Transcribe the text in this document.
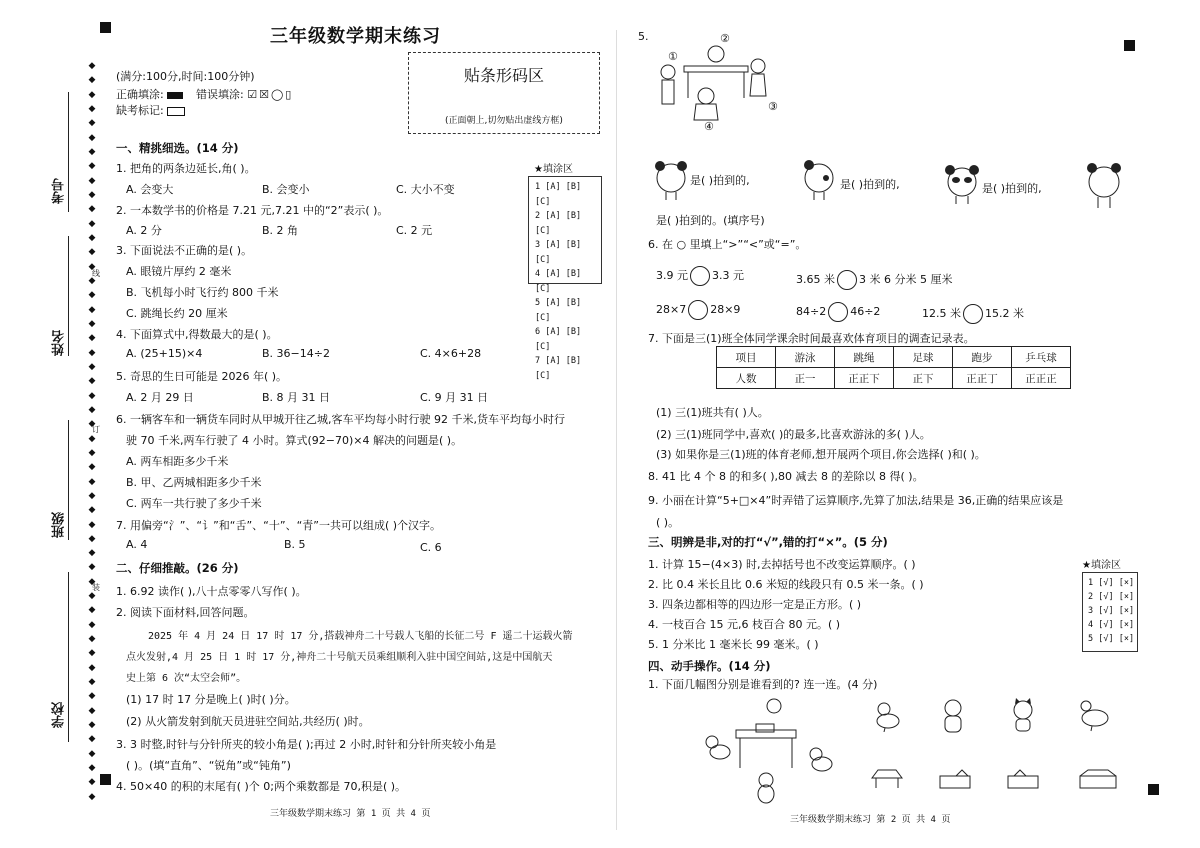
考号
姓名
班级
学校
线
订
装
◆
◆
◆
◆
◆
◆
◆
◆
◆
◆
◆
◆
◆
◆
◆
◆
◆
◆
◆
◆
◆
◆
◆
◆
◆
◆
◆
◆
◆
◆
◆
◆
◆
◆
◆
◆
◆
◆
◆
◆
◆
◆
◆
◆
◆
◆
◆
◆
◆
◆
◆
◆
三年级数学期末练习
(满分:100分,时间:100分钟)
正确填涂:	错误填涂: ☑☒◯▯
缺考标记:
贴条形码区
(正面朝上,切勿贴出虚线方框)
★填涂区
1 [A] [B] [C]
2 [A] [B] [C]
3 [A] [B] [C]
4 [A] [B] [C]
5 [A] [B] [C]
6 [A] [B] [C]
7 [A] [B] [C]
一、精挑细选。(14 分)
1. 把角的两条边延长,角( )。
A. 会变大	B. 会变小	C. 大小不变
2. 一本数学书的价格是 7.21 元,7.21 中的“2”表示( )。
A. 2 分	B. 2 角	C. 2 元
3. 下面说法不正确的是( )。
A. 眼镜片厚约 2 毫米
B. 飞机每小时飞行约 800 千米
C. 跳绳长约 20 厘米
4. 下面算式中,得数最大的是( )。
A. (25+15)×4	B. 36−14÷2	C. 4×6+28
5. 奇思的生日可能是 2026 年( )。
A. 2 月 29 日	B. 8 月 31 日	C. 9 月 31 日
6. 一辆客车和一辆货车同时从甲城开往乙城,客车平均每小时行驶 92 千米,货车平均每小时行
驶 70 千米,两车行驶了 4 小时。算式(92−70)×4 解决的问题是( )。
A. 两车相距多少千米
B. 甲、乙两城相距多少千米
C. 两车一共行驶了多少千米
7. 用偏旁“氵”、“讠”和“舌”、“十”、“青”一共可以组成( )个汉字。
A. 4	B. 5	C. 6
二、仔细推敲。(26 分)
1. 6.92 读作( ),八十点零零八写作( )。
2. 阅读下面材料,回答问题。
2025 年 4 月 24 日 17 时 17 分,搭载神舟二十号载人飞船的长征二号 F 遥二十运载火箭
点火发射,4 月 25 日 1 时 17 分,神舟二十号航天员乘组顺利入驻中国空间站,这是中国航天
史上第 6 次“太空会师”。
(1) 17 时 17 分是晚上( )时( )分。
(2) 从火箭发射到航天员进驻空间站,共经历( )时。
3. 3 时整,时针与分针所夹的较小角是( );再过 2 小时,时针和分针所夹较小角是
( )。(填“直角”、“锐角”或“钝角”)
4. 50×40 的积的末尾有( )个 0;两个乘数都是 70,积是( )。
三年级数学期末练习 第 1 页 共 4 页
5.
①
②
③
④
是( )拍到的,	是( )拍到的,	是( )拍到的,
是( )拍到的。(填序号)
6. 在 ○ 里填上“>”“<”或“=”。
3.9 元 3.3 元	3.65 米 3 米 6 分米 5 厘米
28×7 28×9	84÷2 46÷2	12.5 米 15.2 米
7. 下面是三(1)班全体同学课余时间最喜欢体育项目的调查记录表。
项目	游泳	跳绳	足球	跑步	乒乓球
人数	正一	正正下	正下	正正丁	正正正
(1) 三(1)班共有( )人。
(2) 三(1)班同学中,喜欢( )的最多,比喜欢游泳的多( )人。
(3) 如果你是三(1)班的体育老师,想开展两个项目,你会选择( )和( )。
8. 41 比 4 个 8 的和多( ),80 减去 8 的差除以 8 得( )。
9. 小丽在计算“5+□×4”时弄错了运算顺序,先算了加法,结果是 36,正确的结果应该是
( )。
三、明辨是非,对的打“√”,错的打“×”。(5 分)
1. 计算 15−(4×3) 时,去掉括号也不改变运算顺序。( )
2. 比 0.4 米长且比 0.6 米短的线段只有 0.5 米一条。( )
3. 四条边都相等的四边形一定是正方形。( )
4. 一枝百合 15 元,6 枝百合 80 元。( )
5. 1 分米比 1 毫米长 99 毫米。( )
★填涂区
1 [√] [×]
2 [√] [×]
3 [√] [×]
4 [√] [×]
5 [√] [×]
四、动手操作。(14 分)
1. 下面几幅图分别是谁看到的? 连一连。(4 分)
三年级数学期末练习 第 2 页 共 4 页
